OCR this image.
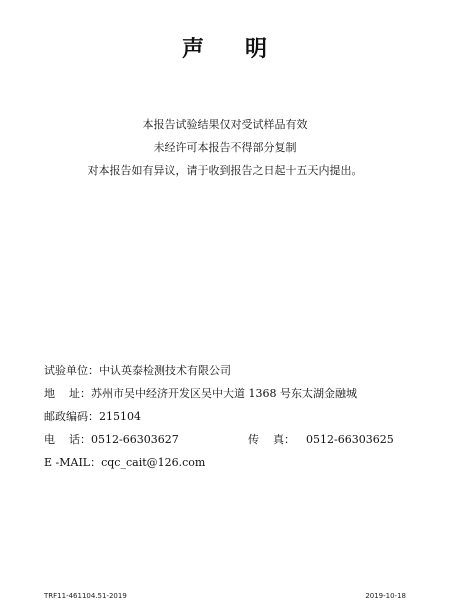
声 明
本报告试验结果仅对受试样品有效
未经许可本报告不得部分复制
对本报告如有异议，请于收到报告之日起十五天内提出。
试验单位：中认英泰检测技术有限公司
地    址：苏州市吴中经济开发区吴中大道 1368 号东太湖金融城
邮政编码：215104
电    话：0512-66303627	传    真： 0512-66303625
E -MAIL：cqc_cait@126.com
TRF11-461104.51-2019	2019-10-18
